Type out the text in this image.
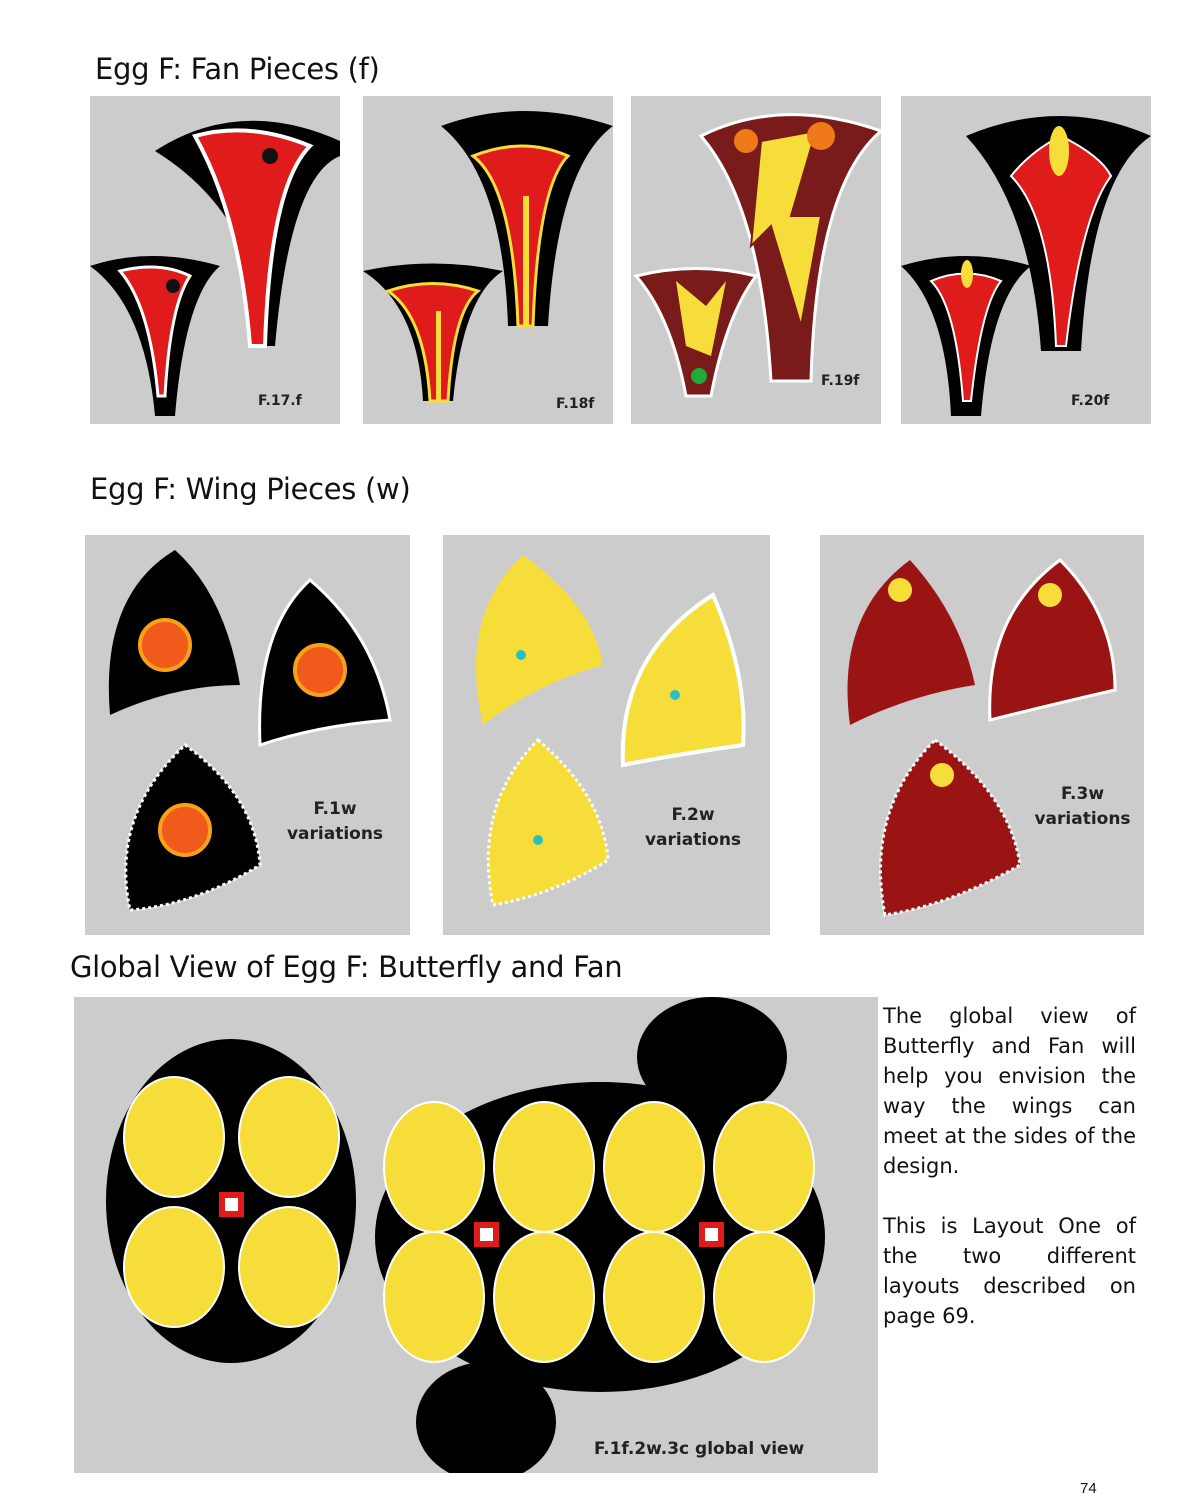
Egg F: Fan Pieces (f)
F.17.f	F.18f
F.19f
F.20f
Egg F: Wing Pieces (w)
F.1w
variations
F.2w
variations
F.3w
variations
Global View of Egg F: Butterfly and Fan
F.1f.2w.3c global view

The global view of Butterfly and Fan will help you envision the way the wings can meet at the sides of the design.

This is Layout One of the two different layouts described on page 69.

74
